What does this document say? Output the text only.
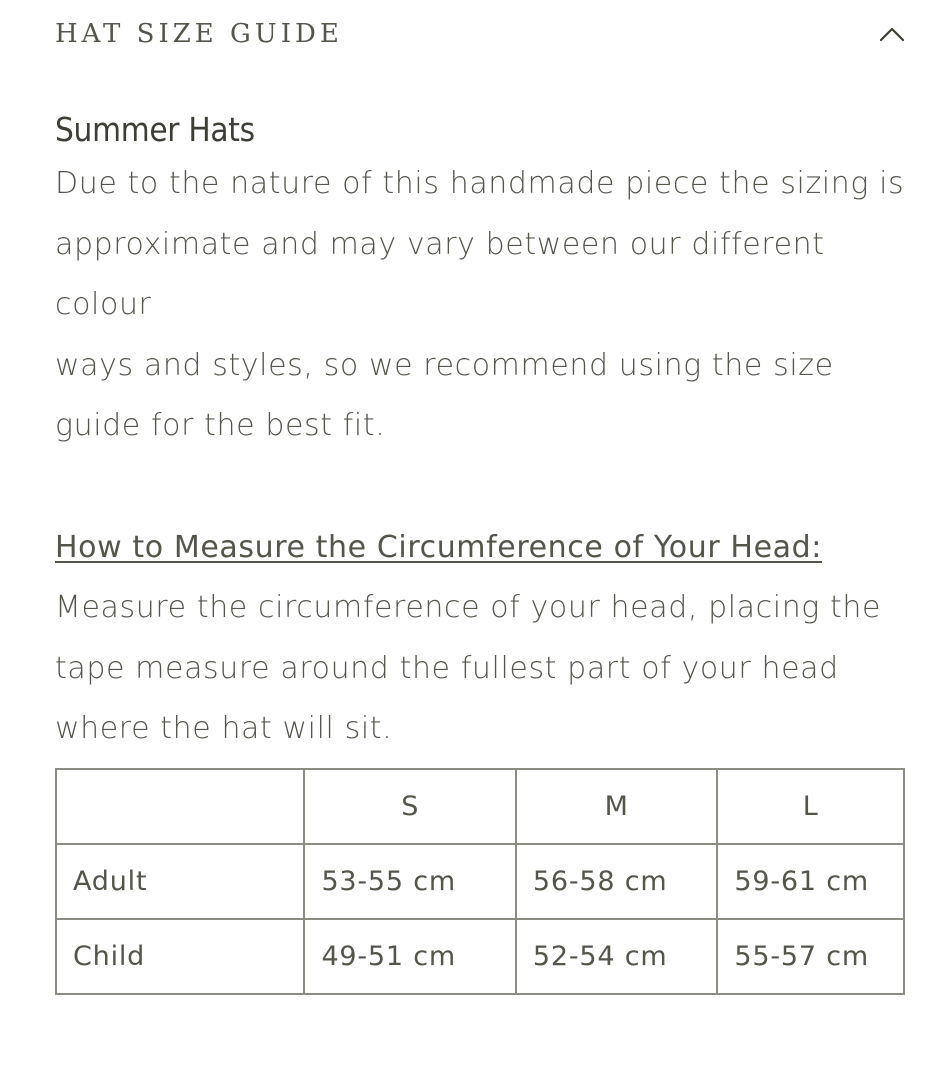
HAT SIZE GUIDE

Summer Hats

Due to the nature of this handmade piece the sizing is

approximate and may vary between our different colour

ways and styles, so we recommend using the size

guide for the best fit.

How to Measure the Circumference of Your Head:

Measure the circumference of your head, placing the

tape measure around the fullest part of your head

where the hat will sit.

	S	M	L
Adult	53-55 cm	56-58 cm	59-61 cm
Child	49-51 cm	52-54 cm	55-57 cm
